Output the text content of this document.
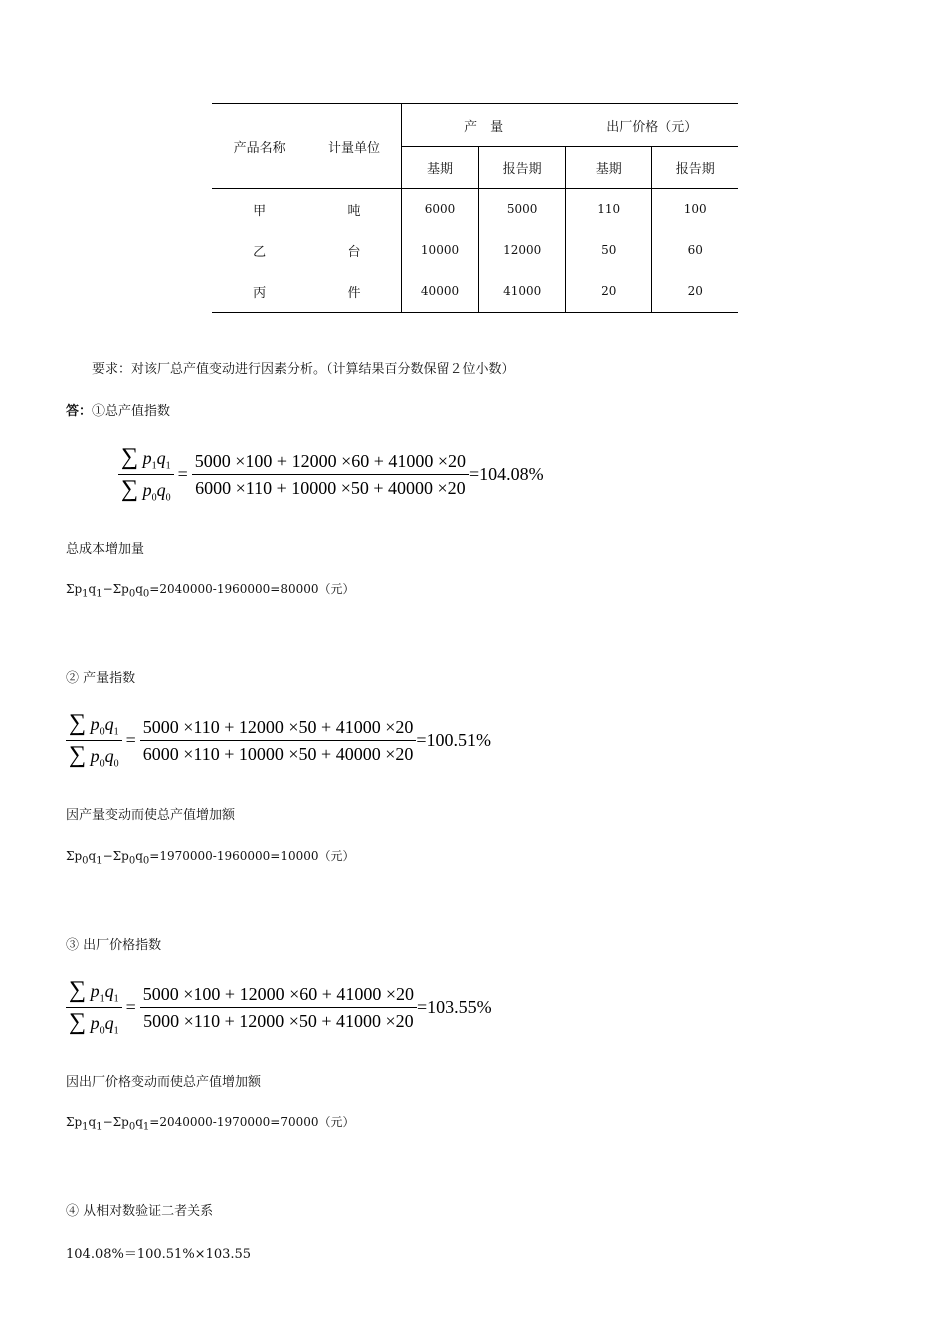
产品名称	计量单位	产　量		出厂价格（元）	
		基期	报告期	基期	报告期
甲	吨	6000	5000	110	100
乙	台	10000	12000	50	60
丙	件	40000	41000	20	20
要求：对该厂总产值变动进行因素分析。（计算结果百分数保留２位小数）
答：①总产值指数
$\frac{\sum p_1q_1}{\sum p_0q_0} = \frac{5000 \times 100 + 12000 \times 60 + 41000 \times 20}{6000 \times 110 + 10000 \times 50 + 40000 \times 20} =104.08\%$
总成本增加量
$\Sigma p_1q_1-\Sigma p_0q_0=2040000-1960000=80000$（元）
② 产量指数
$\frac{\sum p_0q_1}{\sum p_0q_0} = \frac{5000 \times 110 + 12000 \times 50 + 41000 \times 20}{6000 \times 110 + 10000 \times 50 + 40000 \times 20} =100.51\%$
因产量变动而使总产值增加额
$\Sigma p_0q_1-\Sigma p_0q_0=1970000-1960000=10000$（元）
③ 出厂价格指数
$\frac{\sum p_1q_1}{\sum p_0q_1} = \frac{5000 \times 100 + 12000 \times 60 + 41000 \times 20}{5000 \times 110 + 12000 \times 50 + 41000 \times 20} =103.55\%$
因出厂价格变动而使总产值增加额
$\Sigma p_1q_1-\Sigma p_0q_1=2040000-1970000=70000$（元）
④ 从相对数验证二者关系
104.08%＝100.51%×103.55
